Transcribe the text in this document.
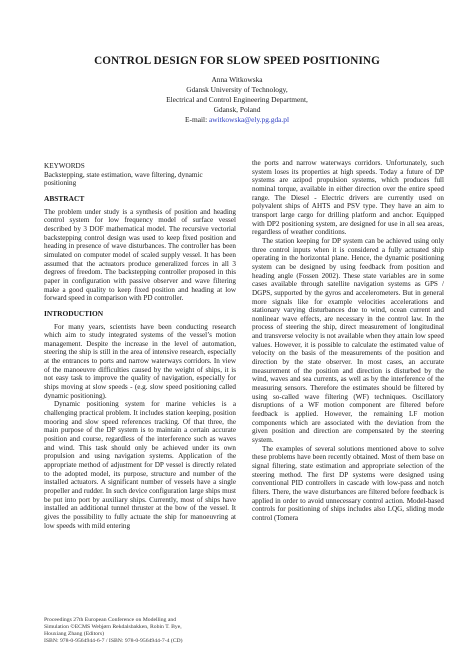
CONTROL DESIGN FOR SLOW SPEED POSITIONING
Anna Witkowska
Gdansk University of Technology,
Electrical and Control Engineering Department,
Gdansk, Poland
E-mail: awitkowska@ely.pg.gda.pl
KEYWORDS

Backstepping, state estimation, wave filtering, dynamic positioning

ABSTRACT

The problem under study is a synthesis of position and heading control system for low frequency model of surface vessel described by 3 DOF mathematical model. The recursive vectorial backstepping control design was used to keep fixed position and heading in presence of wave disturbances. The controller has been simulated on computer model of scaled supply vessel. It has been assumed that the actuators produce generalized forces in all 3 degrees of freedom. The backstepping controller proposed in this paper in configuration with passive observer and wave filtering make a good quality to keep fixed position and heading at low forward speed in comparison with PD controller.

INTRODUCTION

For many years, scientists have been conducting research which aim to study integrated systems of the vessel’s motion management. Despite the increase in the level of automation, steering the ship is still in the area of intensive research, especially at the entrances to ports and narrow waterways corridors. In view of the manoeuvre difficulties caused by the weight of ships, it is not easy task to improve the quality of navigation, especially for ships moving at slow speeds - (e.g. slow speed positioning called dynamic positioning).

Dynamic positioning system for marine vehicles is a challenging practical problem. It includes station keeping, position mooring and slow speed references tracking. Of that three, the main purpose of the DP system is to maintain a certain accurate position and course, regardless of the interference such as waves and wind. This task should only be achieved under its own propulsion and using navigation systems. Application of the appropriate method of adjustment for DP vessel is directly related to the adopted model, its purpose, structure and number of the installed actuators. A significant number of vessels have a single propeller and rudder. In such device configuration large ships must be put into port by auxiliary ships. Currently, most of ships have installed an additional tunnel thruster at the bow of the vessel. It gives the possibility to fully actuate the ship for manoeuvring at low speeds with mild entering

the ports and narrow waterways corridors. Unfortunately, such system loses its properties at high speeds. Today a future of DP systems are azipod propulsion systems, which produces full nominal torque, available in either direction over the entire speed range. The Diesel - Electric drivers are currently used on polyvalent ships of AHTS and PSV type. They have an aim to transport large cargo for drilling platform and anchor. Equipped with DP2 positioning system, are designed for use in all sea areas, regardless of weather conditions.

The station keeping for DP system can be achieved using only three control inputs when it is considered a fully actuated ship operating in the horizontal plane. Hence, the dynamic positioning system can be designed by using feedback from position and heading angle (Fossen 2002). These state variables are in some cases available through satellite navigation systems as GPS / DGPS, supported by the gyros and accelerometers. But in general more signals like for example velocities accelerations and stationary varying disturbances due to wind, ocean current and nonlinear wave effects, are necessary in the control law. In the process of steering the ship, direct measurement of longitudinal and transverse velocity is not available when they attain low speed values. However, it is possible to calculate the estimated value of velocity on the basis of the measurements of the position and direction by the state observer. In most cases, an accurate measurement of the position and direction is disturbed by the wind, waves and sea currents, as well as by the interference of the measuring sensors. Therefore the estimates should be filtered by using so-called wave filtering (WF) techniques. Oscillatory disruptions of a WF motion component are filtered before feedback is applied. However, the remaining LF motion components which are associated with the deviation from the given position and direction are compensated by the steering system.

The examples of several solutions mentioned above to solve these problems have been recently obtained. Most of them base on signal filtering, state estimation and appropriate selection of the steering method. The first DP systems were designed using conventional PID controllers in cascade with low-pass and notch filters. There, the wave disturbances are filtered before feedback is applied in order to avoid unnecessary control action. Model-based controls for positioning of ships includes also LQG, sliding mode control (Tomera

Proceedings 27th European Conference on Modelling and
Simulation ©ECMS Webjørn Rekdalsbakken, Robin T. Bye,
Houxiang Zhang (Editors)
ISBN: 978-0-9564944-6-7 / ISBN: 978-0-9564944-7-4 (CD)
